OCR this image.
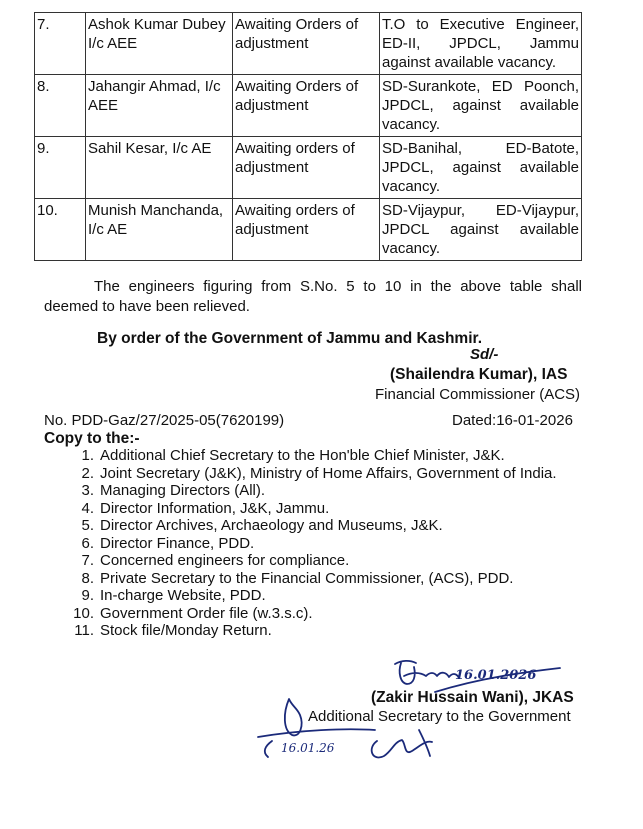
7.	Ashok Kumar Dubey I/c AEE	Awaiting Orders of adjustment	T.O to Executive Engineer, ED-II, JPDCL, Jammu against available vacancy.
8.	Jahangir Ahmad, I/c AEE	Awaiting Orders of adjustment	SD-Surankote, ED Poonch, JPDCL, against available vacancy.
9.	Sahil Kesar, I/c AE	Awaiting orders of adjustment	SD-Banihal, ED-Batote, JPDCL, against available vacancy.
10.	Munish Manchanda, I/c AE	Awaiting orders of adjustment	SD-Vijaypur, ED-Vijaypur, JPDCL against available vacancy.
The engineers figuring from S.No. 5 to 10 in the above table shall deemed to have been relieved.
By order of the Government of Jammu and Kashmir.
Sd/-
(Shailendra Kumar), IAS
Financial Commissioner (ACS)
No. PDD-Gaz/27/2025-05(7620199)	Dated:16-01-2026
Copy to the:-
1. Additional Chief Secretary to the Hon'ble Chief Minister, J&K.
2. Joint Secretary (J&K), Ministry of Home Affairs, Government of India.
3. Managing Directors (All).
4. Director Information, J&K, Jammu.
5. Director Archives, Archaeology and Museums, J&K.
6. Director Finance, PDD.
7. Concerned engineers for compliance.
8. Private Secretary to the Financial Commissioner, (ACS), PDD.
9. In-charge Website, PDD.
10. Government Order file (w.3.s.c).
11. Stock file/Monday Return.
16.01.2026
(Zakir Hussain Wani), JKAS
Additional Secretary to the Government
16.01.26
